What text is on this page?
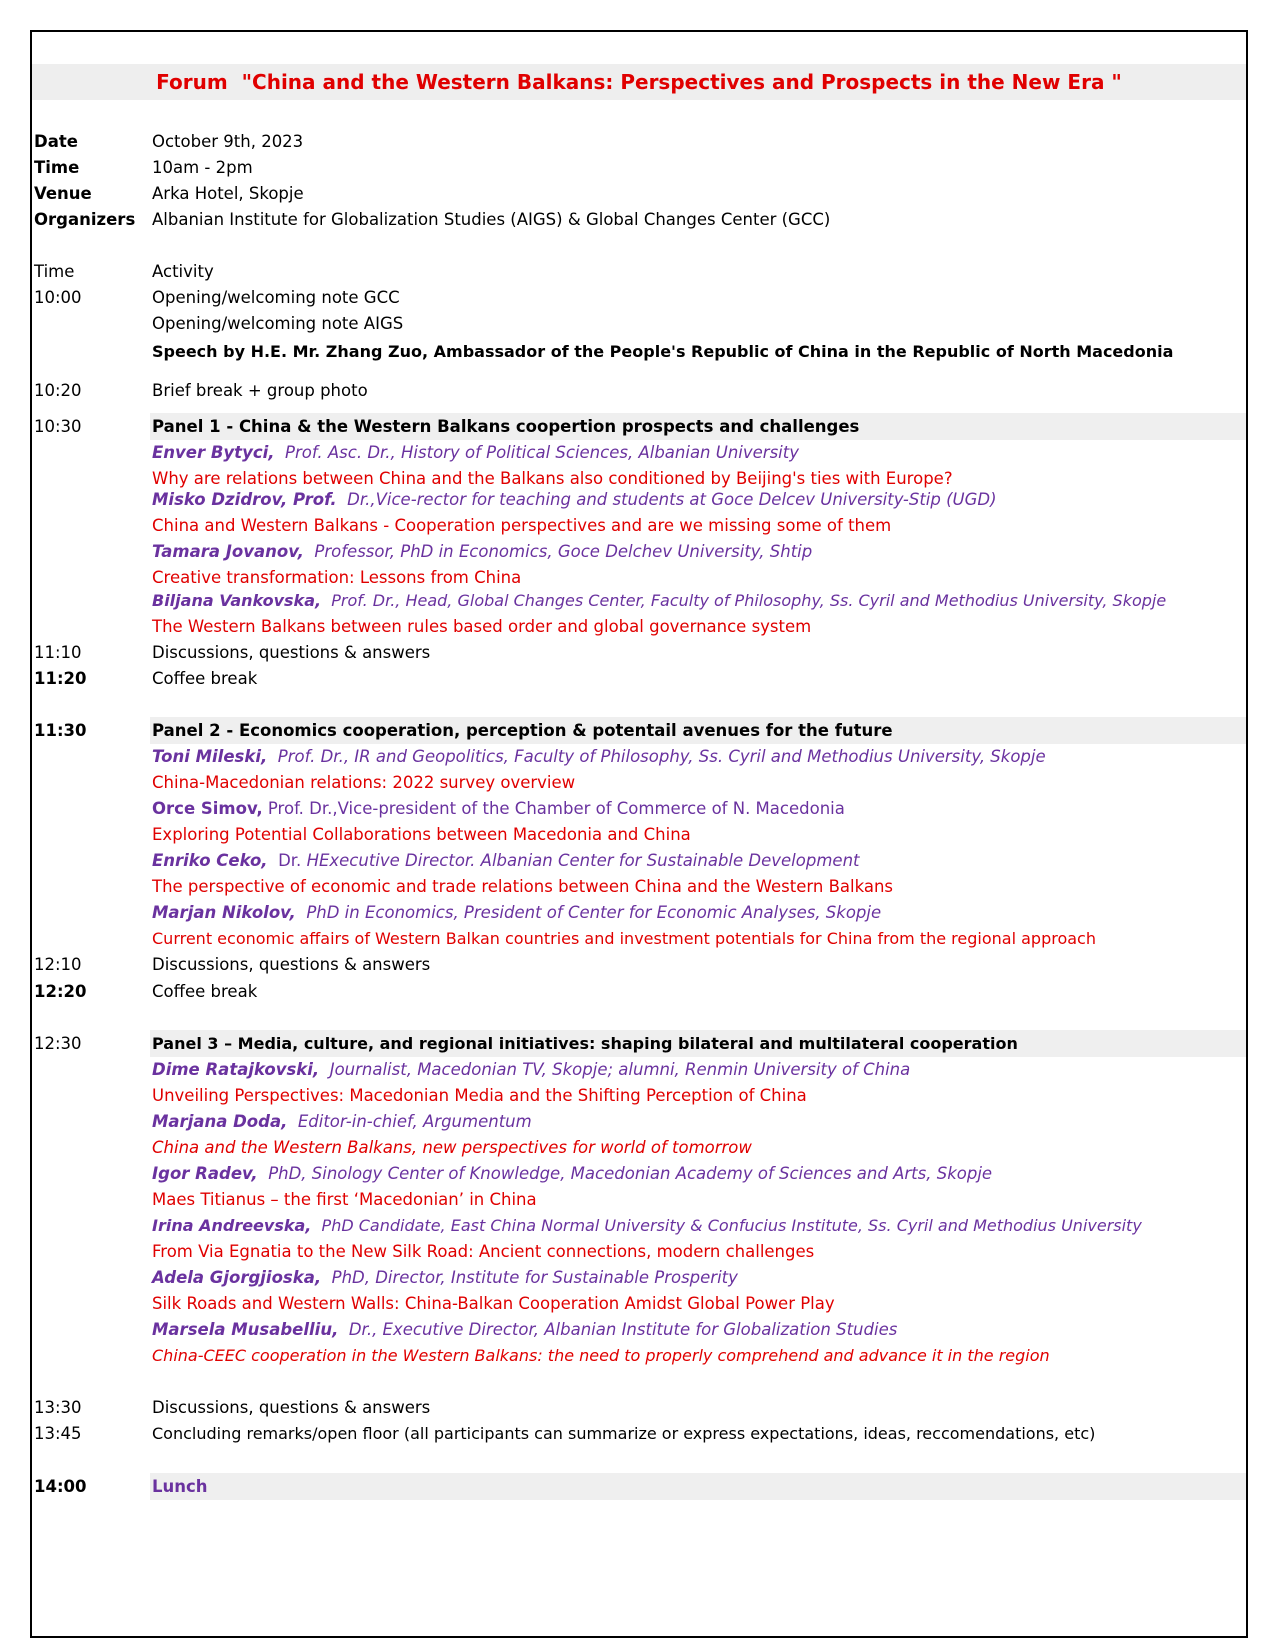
Forum  "China and the Western Balkans: Perspectives and Prospects in the New Era "
Date	October 9th, 2023
Time	10am - 2pm
Venue	Arka Hotel, Skopje
Organizers Albanian Institute for Globalization Studies (AIGS) & Global Changes Center (GCC)
Time	Activity
10:00	Opening/welcoming note GCC
Opening/welcoming note AIGS
Speech by H.E. Mr. Zhang Zuo, Ambassador of the People's Republic of China in the Republic of North Macedonia
10:20	Brief break + group photo
10:30	Panel 1 - China & the Western Balkans coopertion prospects and challenges
Enver Bytyci, Prof. Asc. Dr., History of Political Sciences, Albanian University
Why are relations between China and the Balkans also conditioned by Beijing's ties with Europe?
Misko Dzidrov, Prof. Dr.,Vice-rector for teaching and students at Goce Delcev University-Stip (UGD)
China and Western Balkans - Cooperation perspectives and are we missing some of them
Tamara Jovanov, Professor, PhD in Economics, Goce Delchev University, Shtip
Creative transformation: Lessons from China
Biljana Vankovska, Prof. Dr., Head, Global Changes Center, Faculty of Philosophy, Ss. Cyril and Methodius University, Skopje
The Western Balkans between rules based order and global governance system
11:10	Discussions, questions & answers
11:20	Coffee break
11:30	Panel 2 - Economics cooperation, perception & potentail avenues for the future
Toni Mileski, Prof. Dr., IR and Geopolitics, Faculty of Philosophy, Ss. Cyril and Methodius University, Skopje
China-Macedonian relations: 2022 survey overview
Orce Simov, Prof. Dr.,Vice-president of the Chamber of Commerce of N. Macedonia
Exploring Potential Collaborations between Macedonia and China
Enriko Ceko, Dr. HExecutive Director. Albanian Center for Sustainable Development
The perspective of economic and trade relations between China and the Western Balkans
Marjan Nikolov, PhD in Economics, President of Center for Economic Analyses, Skopje
Current economic affairs of Western Balkan countries and investment potentials for China from the regional approach
12:10	Discussions, questions & answers
12:20	Coffee break
12:30	Panel 3 – Media, culture, and regional initiatives: shaping bilateral and multilateral cooperation
Dime Ratajkovski, Journalist, Macedonian TV, Skopje; alumni, Renmin University of China
Unveiling Perspectives: Macedonian Media and the Shifting Perception of China
Marjana Doda, Editor-in-chief, Argumentum
China and the Western Balkans, new perspectives for world of tomorrow
Igor Radev, PhD, Sinology Center of Knowledge, Macedonian Academy of Sciences and Arts, Skopje
Maes Titianus – the first ‘Macedonian’ in China
Irina Andreevska, PhD Candidate, East China Normal University & Confucius Institute, Ss. Cyril and Methodius University
From Via Egnatia to the New Silk Road: Ancient connections, modern challenges
Adela Gjorgjioska, PhD, Director, Institute for Sustainable Prosperity
Silk Roads and Western Walls: China-Balkan Cooperation Amidst Global Power Play
Marsela Musabelliu, Dr., Executive Director, Albanian Institute for Globalization Studies
China-CEEC cooperation in the Western Balkans: the need to properly comprehend and advance it in the region
13:30	Discussions, questions & answers
13:45	Concluding remarks/open floor (all participants can summarize or express expectations, ideas, reccomendations, etc)
14:00	Lunch
